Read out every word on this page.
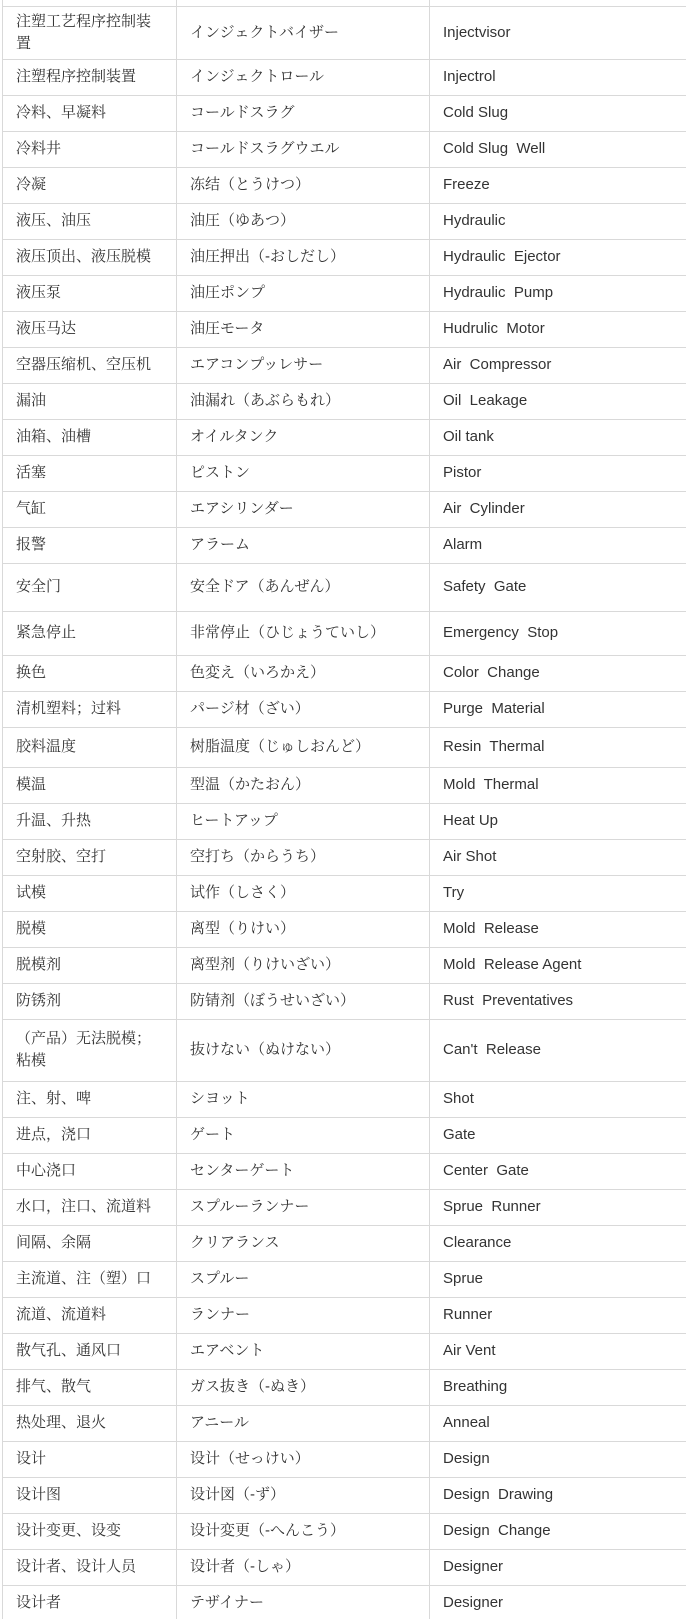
注塑工艺程序控制装置	インジェクトバイザー	Injectvisor
注塑程序控制装置	インジェクトロール	Injectrol
冷料、早凝料	コールドスラグ	Cold Slug
冷料井	コールドスラグウエル	Cold Slug  Well
冷凝	冻结（とうけつ）	Freeze
液压、油压	油圧（ゆあつ）	Hydraulic
液压顶出、液压脱模	油圧押出（-おしだし）	Hydraulic  Ejector
液压泵	油圧ポンプ	Hydraulic  Pump
液压马达	油圧モータ	Hudrulic  Motor
空器压缩机、空压机	エアコンプッレサー	Air  Compressor
漏油	油漏れ（あぶらもれ）	Oil  Leakage
油箱、油槽	オイルタンク	Oil tank
活塞	ピストン	Pistor
气缸	エアシリンダー	Air  Cylinder
报警	アラーム	Alarm
安全门	安全ドア（あんぜん）	Safety  Gate
紧急停止	非常停止（ひじょうていし）	Emergency  Stop
换色	色変え（いろかえ）	Color  Change
清机塑料；过料	パージ材（ざい）	Purge  Material
胶料温度	树脂温度（じゅしおんど）	Resin  Thermal
模温	型温（かたおん）	Mold  Thermal
升温、升热	ヒートアップ	Heat Up
空射胶、空打	空打ち（からうち）	Air Shot
试模	试作（しさく）	Try
脱模	离型（りけい）	Mold  Release
脱模剂	离型剂（りけいざい）	Mold  Release Agent
防锈剂	防锖剂（ぼうせいざい）	Rust  Preventatives
（产品）无法脱模；粘模	抜けない（ぬけない）	Can't  Release
注、射、啤	シヨット	Shot
进点，浇口	ゲート	Gate
中心浇口	センターゲート	Center  Gate
水口，注口、流道料	スプルーランナー	Sprue  Runner
间隔、余隔	クリアランス	Clearance
主流道、注（塑）口	スプルー	Sprue
流道、流道料	ランナー	Runner
散气孔、通风口	エアベント	Air Vent
排气、散气	ガス抜き（-ぬき）	Breathing
热处理、退火	アニール	Anneal
设计	设计（せっけい）	Design
设计图	设计図（-ず）	Design  Drawing
设计变更、设变	设计変更（-へんこう）	Design  Change
设计者、设计人员	设计者（-しゃ）	Designer
设计者	テザイナー	Designer
